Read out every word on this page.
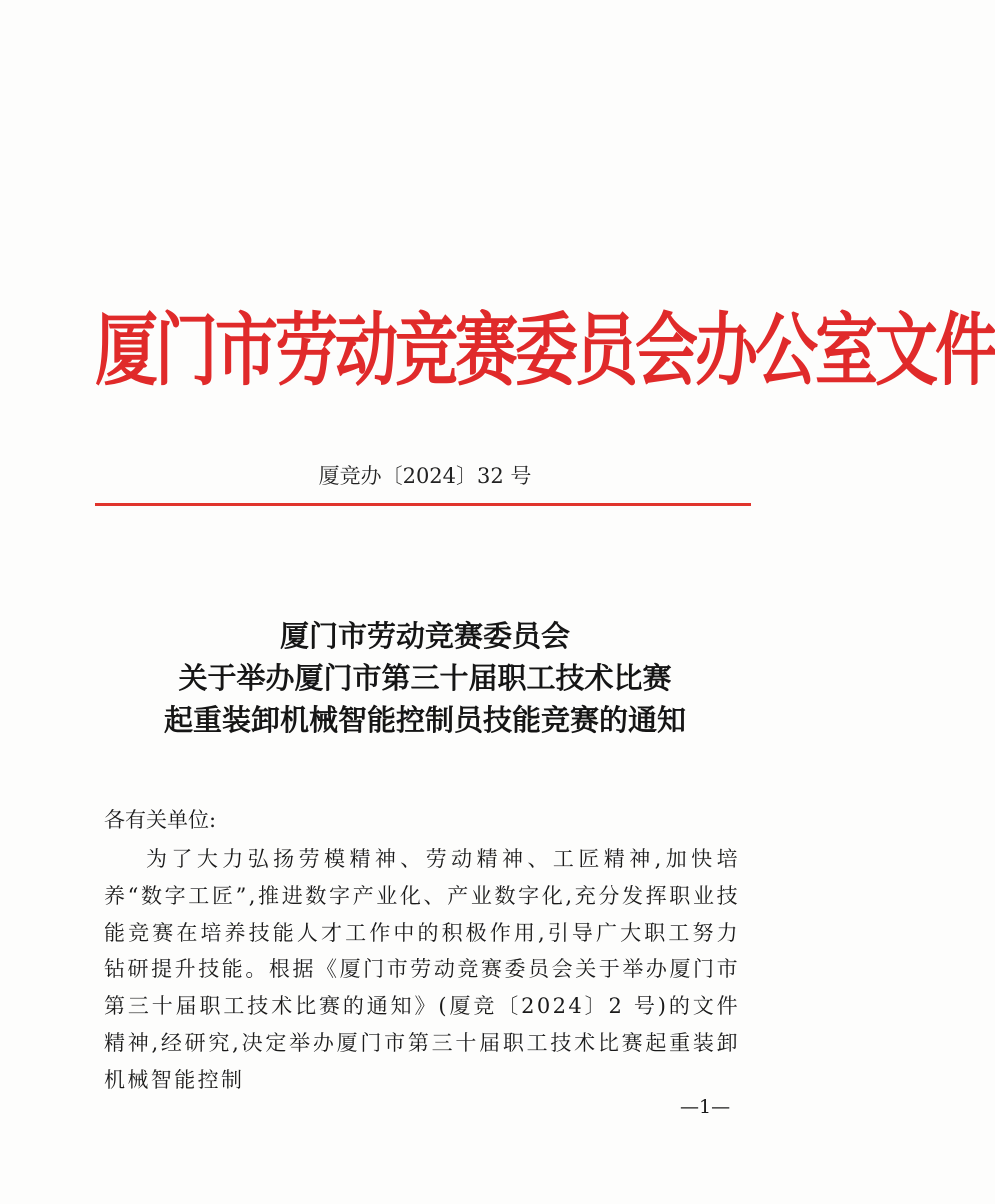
厦门市劳动竞赛委员会办公室文件
厦竞办〔2024〕32 号
厦门市劳动竞赛委员会
关于举办厦门市第三十届职工技术比赛
起重装卸机械智能控制员技能竞赛的通知
各有关单位:
为了大力弘扬劳模精神、劳动精神、工匠精神,加快培养“数字工匠”,推进数字产业化、产业数字化,充分发挥职业技能竞赛在培养技能人才工作中的积极作用,引导广大职工努力钻研提升技能。根据《厦门市劳动竞赛委员会关于举办厦门市第三十届职工技术比赛的通知》(厦竞〔2024〕2 号)的文件精神,经研究,决定举办厦门市第三十届职工技术比赛起重装卸机械智能控制
—1—
